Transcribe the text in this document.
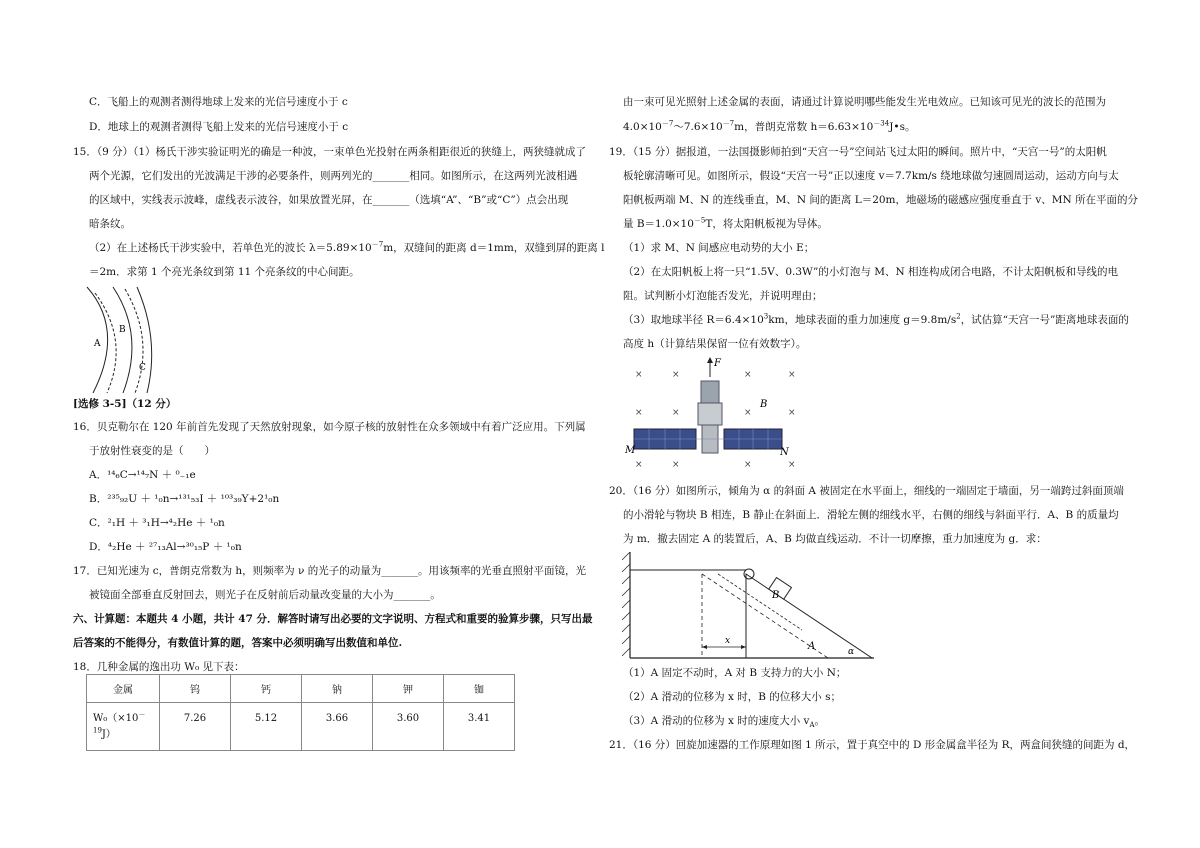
C．飞船上的观测者测得地球上发来的光信号速度小于 c
D．地球上的观测者测得飞船上发来的光信号速度小于 c
15．（9 分）（1）杨氏干涉实验证明光的确是一种波，一束单色光投射在两条相距很近的狭缝上，两狭缝就成了
两个光源，它们发出的光波满足干涉的必要条件，则两列光的_______相同。如图所示，在这两列光波相遇
的区域中，实线表示波峰，虚线表示波谷，如果放置光屏，在_______（选填“A”、“B”或“C”）点会出现
暗条纹。
（2）在上述杨氏干涉实验中，若单色光的波长 $\lambda=5.89\times 10^{-7}m$，双缝间的距离 d＝1mm，双缝到屏的距离 l
＝2m．求第 1 个亮光条纹到第 11 个亮条纹的中心间距。
A
B
C
[选修 3-5]（12 分）
16．贝克勒尔在 120 年前首先发现了天然放射现象，如今原子核的放射性在众多领域中有着广泛应用。下列属
于放射性衰变的是（　　）
A．¹⁴₆C→¹⁴₇N ＋ ⁰₋₁e
B．²³⁵₉₂U ＋ ¹₀n→¹³¹₅₃I ＋ ¹⁰³₃₉Y+2¹₀n
C．²₁H ＋ ³₁H→⁴₂He ＋ ¹₀n
D．⁴₂He ＋ ²⁷₁₃Al→³⁰₁₅P ＋ ¹₀n
17．已知光速为 c，普朗克常数为 h，则频率为 ν 的光子的动量为_______。用该频率的光垂直照射平面镜，光
被镜面全部垂直反射回去，则光子在反射前后动量改变量的大小为_______。
六、计算题：本题共 4 小题，共计 47 分．解答时请写出必要的文字说明、方程式和重要的验算步骤，只写出最
后答案的不能得分，有数值计算的题，答案中必须明确写出数值和单位.
18．几种金属的逸出功 W₀ 见下表：
金属	钨	钙	钠	钾	铷
W₀（×10－
$^{19}$J）	7.26	5.12	3.66	3.60	3.41
由一束可见光照射上述金属的表面，请通过计算说明哪些能发生光电效应。已知该可见光的波长的范围为
$4.0\times 10^{-7}\sim 7.6\times 10^{-7}m$，普朗克常数 $h=6.63\times 10^{-34}J•s$。
19．（15 分）据报道，一法国摄影师拍到“天宫一号”空间站飞过太阳的瞬间。照片中，“天宫一号”的太阳帆
板轮廓清晰可见。如图所示，假设“天宫一号”正以速度 v＝7.7km/s 绕地球做匀速圆周运动，运动方向与太
阳帆板两端 M、N 的连线垂直，M、N 间的距离 L＝20m，地磁场的磁感应强度垂直于 v、MN 所在平面的分
量 $B=1.0\times 10^{-5}T$，将太阳帆板视为导体。
（1）求 M、N 间感应电动势的大小 E；
（2）在太阳帆板上将一只“1.5V、0.3W”的小灯泡与 M、N 相连构成闭合电路，不计太阳帆板和导线的电
阻。试判断小灯泡能否发光，并说明理由；
（3）取地球半径 $R=6.4\times 10^3km$，地球表面的重力加速度 $g=9.8m/s^2$，试估算“天宫一号”距离地球表面的
高度 h（计算结果保留一位有效数字）。
×	×	×	×
×	×	×	×
×	×	×	×
F
B
M	N
20．（16 分）如图所示，倾角为 α 的斜面 A 被固定在水平面上，细线的一端固定于墙面，另一端跨过斜面顶端
的小滑轮与物块 B 相连，B 静止在斜面上．滑轮左侧的细线水平，右侧的细线与斜面平行．A、B 的质量均
为 m．撤去固定 A 的装置后，A、B 均做直线运动．不计一切摩擦，重力加速度为 g．求：
B
A	α
x
（1）A 固定不动时，A 对 B 支持力的大小 N；
（2）A 滑动的位移为 x 时，B 的位移大小 s；
（3）A 滑动的位移为 x 时的速度大小 $v_A$。
21．（16 分）回旋加速器的工作原理如图 1 所示，置于真空中的 D 形金属盒半径为 R，两盒间狭缝的间距为 d，
